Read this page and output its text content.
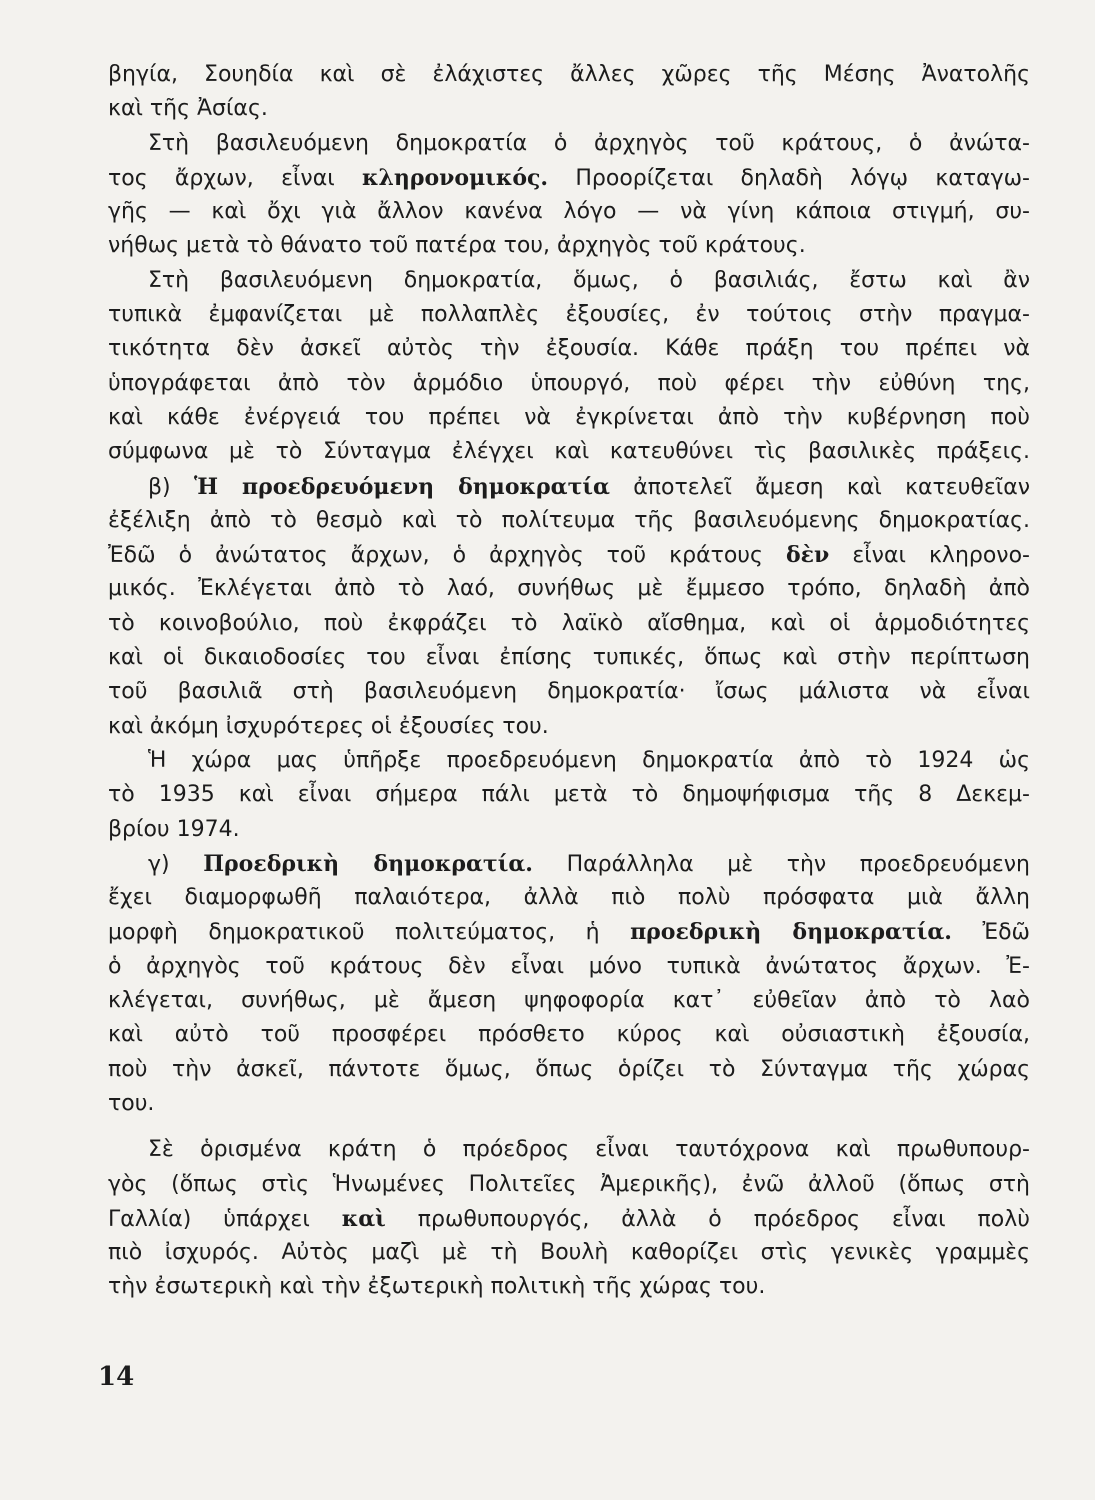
βηγία, Σουηδία καὶ σὲ ἐλάχιστες ἄλλες χῶρες τῆς Μέσης Ἀνατολῆς
καὶ τῆς Ἀσίας.
Στὴ βασιλευόμενη δημοκρατία ὁ ἀρχηγὸς τοῦ κράτους, ὁ ἀνώτα-
τος ἄρχων, εἶναι κληρονομικός. Προορίζεται δηλαδὴ λόγῳ καταγω-
γῆς — καὶ ὄχι γιὰ ἄλλον κανένα λόγο — νὰ γίνη κάποια στιγμή, συ-
νήθως μετὰ τὸ θάνατο τοῦ πατέρα του, ἀρχηγὸς τοῦ κράτους.
Στὴ βασιλευόμενη δημοκρατία, ὅμως, ὁ βασιλιάς, ἔστω καὶ ἂν
τυπικὰ ἐμφανίζεται μὲ πολλαπλὲς ἐξουσίες, ἐν τούτοις στὴν πραγμα-
τικότητα δὲν ἀσκεῖ αὐτὸς τὴν ἐξουσία. Κάθε πράξη του πρέπει νὰ
ὑπογράφεται ἀπὸ τὸν ἁρμόδιο ὑπουργό, ποὺ φέρει τὴν εὐθύνη της,
καὶ κάθε ἐνέργειά του πρέπει νὰ ἐγκρίνεται ἀπὸ τὴν κυβέρνηση ποὺ
σύμφωνα μὲ τὸ Σύνταγμα ἐλέγχει καὶ κατευθύνει τὶς βασιλικὲς πράξεις.
β) Ἡ προεδρευόμενη δημοκρατία ἀποτελεῖ ἄμεση καὶ κατευθεῖαν
ἐξέλιξη ἀπὸ τὸ θεσμὸ καὶ τὸ πολίτευμα τῆς βασιλευόμενης δημοκρατίας.
Ἐδῶ ὁ ἀνώτατος ἄρχων, ὁ ἀρχηγὸς τοῦ κράτους δὲν εἶναι κληρονο-
μικός. Ἐκλέγεται ἀπὸ τὸ λαό, συνήθως μὲ ἔμμεσο τρόπο, δηλαδὴ ἀπὸ
τὸ κοινοβούλιο, ποὺ ἐκφράζει τὸ λαϊκὸ αἴσθημα, καὶ οἱ ἁρμοδιότητες
καὶ οἱ δικαιοδοσίες του εἶναι ἐπίσης τυπικές, ὅπως καὶ στὴν περίπτωση
τοῦ βασιλιᾶ στὴ βασιλευόμενη δημοκρατία· ἴσως μάλιστα νὰ εἶναι
καὶ ἀκόμη ἰσχυρότερες οἱ ἐξουσίες του.
Ἡ χώρα μας ὑπῆρξε προεδρευόμενη δημοκρατία ἀπὸ τὸ 1924 ὡς
τὸ 1935 καὶ εἶναι σήμερα πάλι μετὰ τὸ δημοψήφισμα τῆς 8 Δεκεμ-
βρίου 1974.
γ) Προεδρικὴ δημοκρατία. Παράλληλα μὲ τὴν προεδρευόμενη
ἔχει διαμορφωθῆ παλαιότερα, ἀλλὰ πιὸ πολὺ πρόσφατα μιὰ ἄλλη
μορφὴ δημοκρατικοῦ πολιτεύματος, ἡ προεδρικὴ δημοκρατία. Ἐδῶ
ὁ ἀρχηγὸς τοῦ κράτους δὲν εἶναι μόνο τυπικὰ ἀνώτατος ἄρχων. Ἐ-
κλέγεται, συνήθως, μὲ ἄμεση ψηφοφορία κατ᾽ εὐθεῖαν ἀπὸ τὸ λαὸ
καὶ αὐτὸ τοῦ προσφέρει πρόσθετο κύρος καὶ οὐσιαστικὴ ἐξουσία,
ποὺ τὴν ἀσκεῖ, πάντοτε ὅμως, ὅπως ὁρίζει τὸ Σύνταγμα τῆς χώρας
του.
Σὲ ὁρισμένα κράτη ὁ πρόεδρος εἶναι ταυτόχρονα καὶ πρωθυπουρ-
γὸς (ὅπως στὶς Ἡνωμένες Πολιτεῖες Ἀμερικῆς), ἐνῶ ἀλλοῦ (ὅπως στὴ
Γαλλία) ὑπάρχει καὶ πρωθυπουργός, ἀλλὰ ὁ πρόεδρος εἶναι πολὺ
πιὸ ἰσχυρός. Αὐτὸς μαζὶ μὲ τὴ Βουλὴ καθορίζει στὶς γενικὲς γραμμὲς
τὴν ἐσωτερικὴ καὶ τὴν ἐξωτερικὴ πολιτικὴ τῆς χώρας του.
14
